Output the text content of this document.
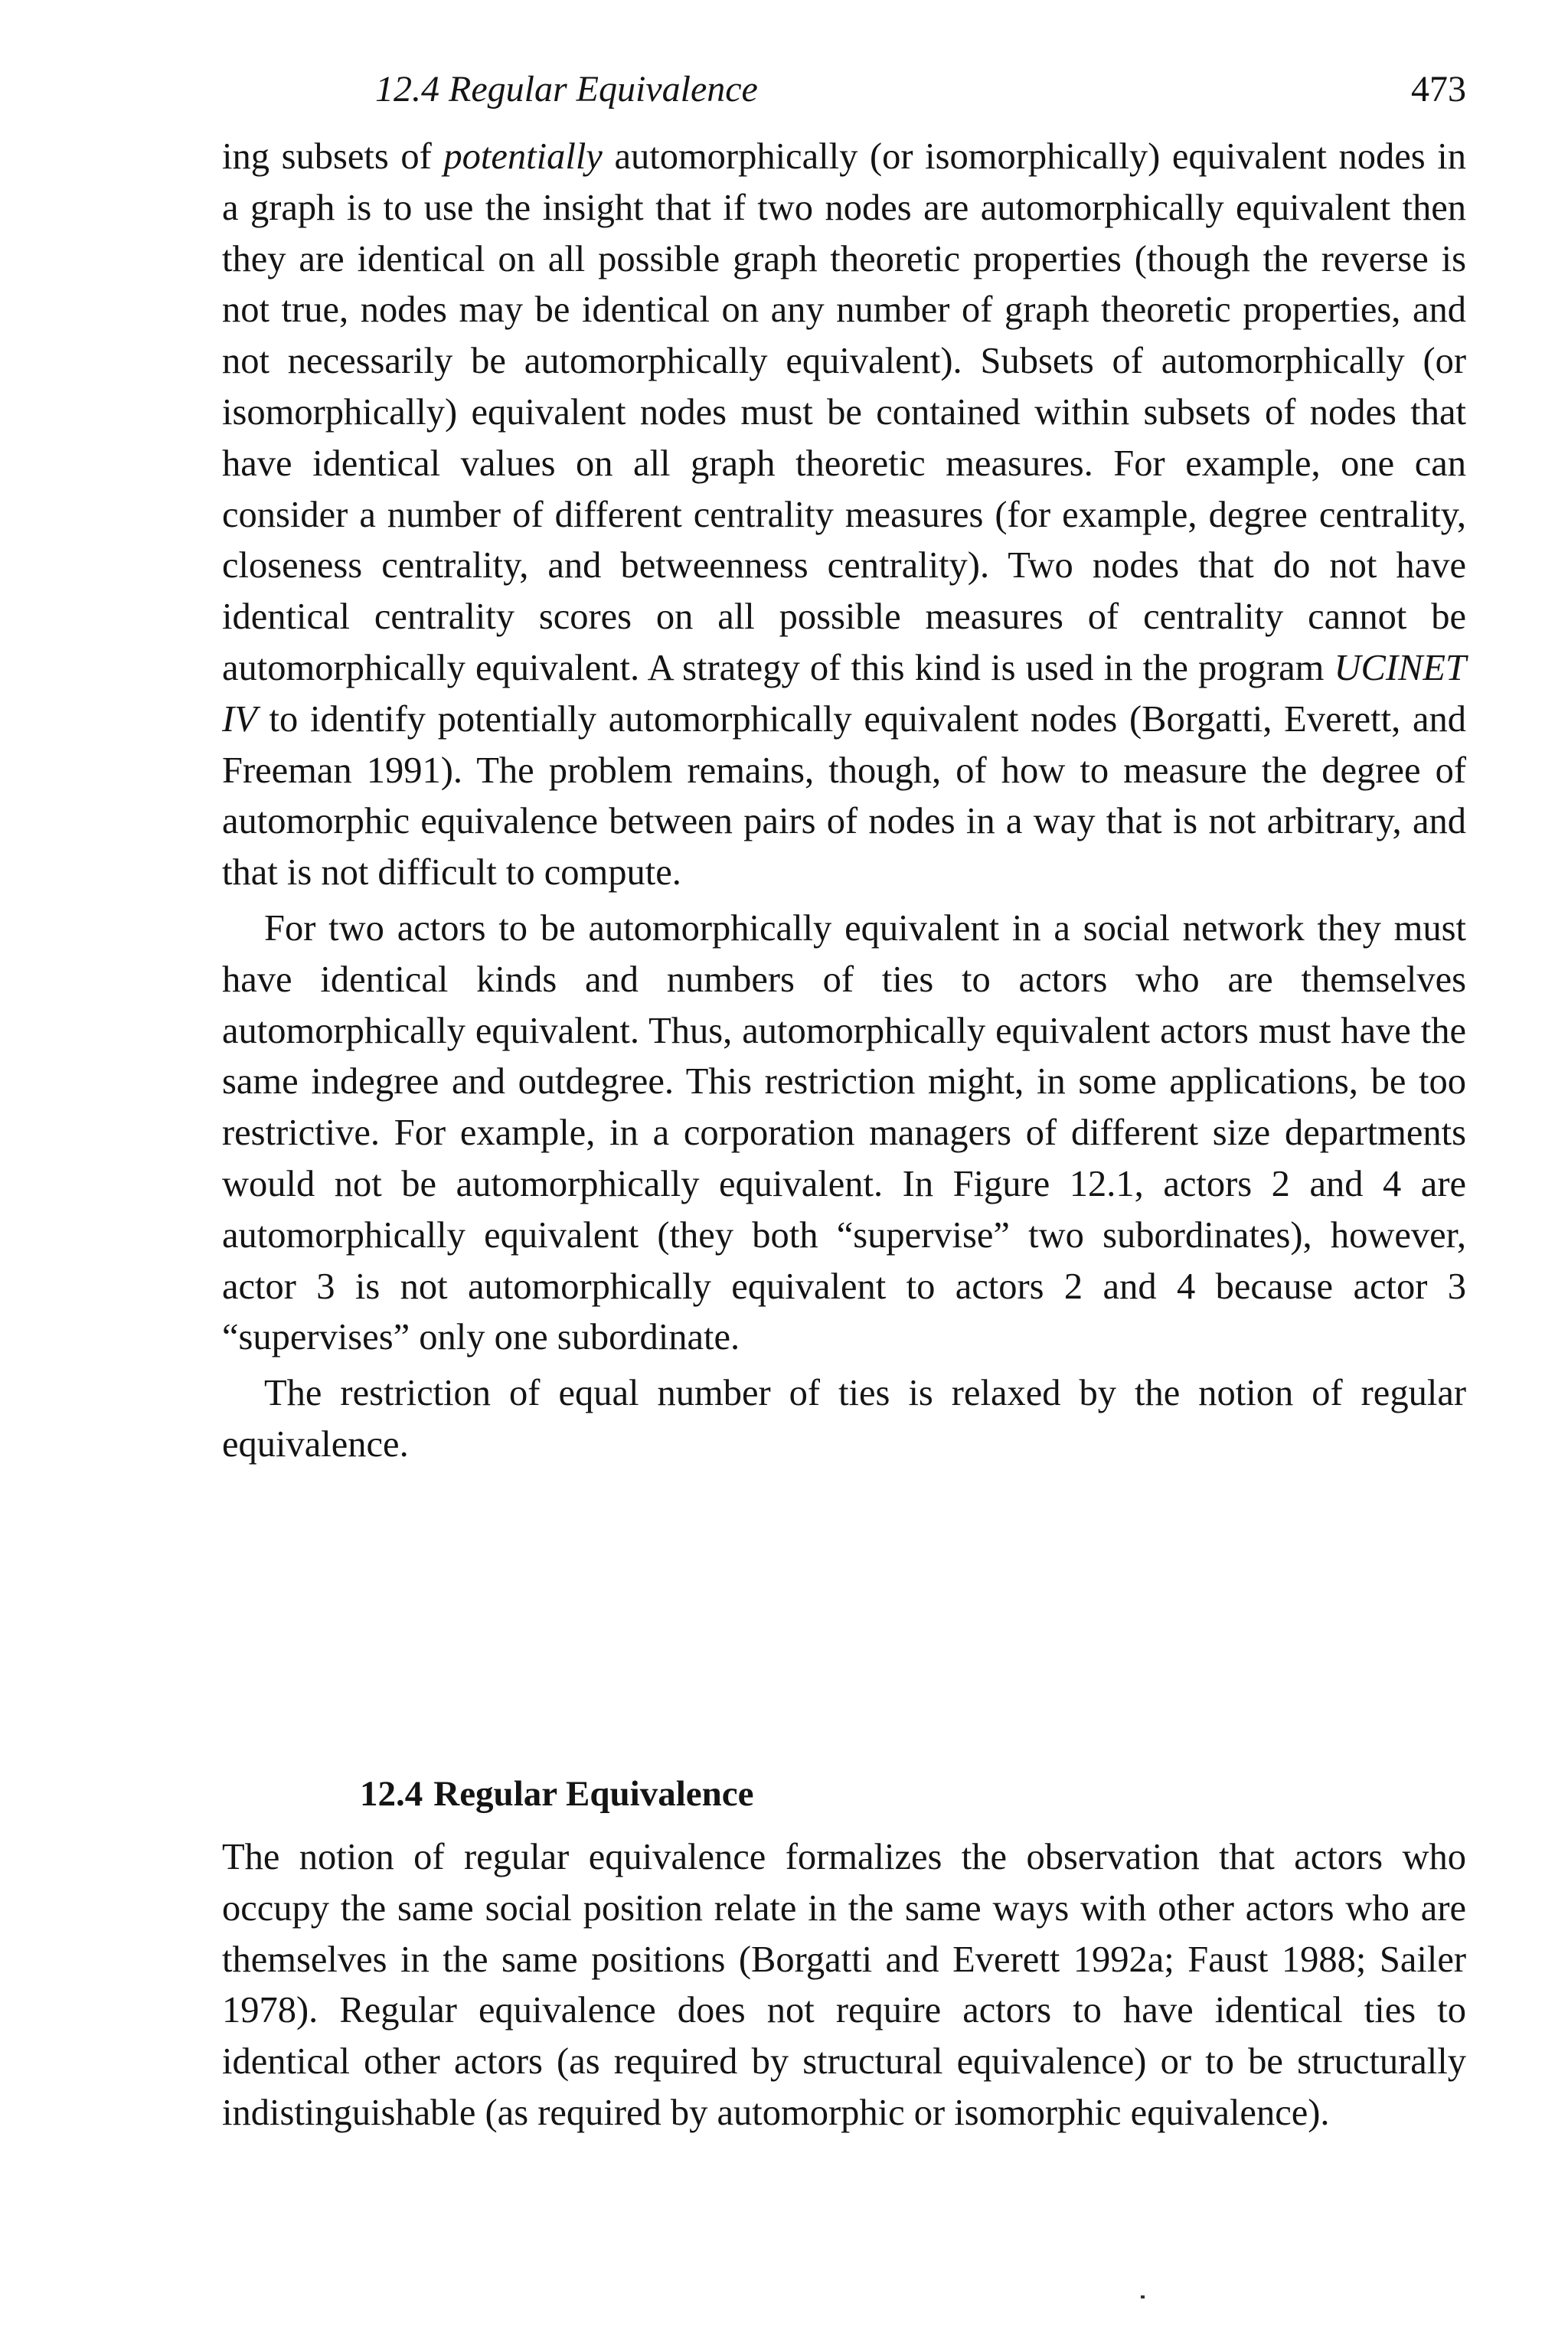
12.4 Regular Equivalence	473

ing subsets of potentially automorphically (or isomorphically) equivalent nodes in a graph is to use the insight that if two nodes are automorphically equivalent then they are identical on all possible graph theoretic properties (though the reverse is not true, nodes may be identical on any number of graph theoretic properties, and not necessarily be automorphically equivalent). Subsets of automorphically (or isomorphically) equivalent nodes must be contained within subsets of nodes that have identical values on all graph theoretic measures. For example, one can consider a number of different centrality measures (for example, degree centrality, closeness centrality, and betweenness centrality). Two nodes that do not have identical centrality scores on all possible measures of centrality cannot be automorphically equivalent. A strategy of this kind is used in the program UCINET IV to identify potentially automorphically equivalent nodes (Borgatti, Everett, and Freeman 1991). The problem remains, though, of how to measure the degree of automorphic equivalence between pairs of nodes in a way that is not arbitrary, and that is not difficult to compute.

For two actors to be automorphically equivalent in a social network they must have identical kinds and numbers of ties to actors who are themselves automorphically equivalent. Thus, automorphically equivalent actors must have the same indegree and outdegree. This restriction might, in some applications, be too restrictive. For example, in a corporation managers of different size departments would not be automorphically equivalent. In Figure 12.1, actors 2 and 4 are automorphically equivalent (they both “supervise” two subordinates), however, actor 3 is not automorphically equivalent to actors 2 and 4 because actor 3 “supervises” only one subordinate.

The restriction of equal number of ties is relaxed by the notion of regular equivalence.

12.4 Regular Equivalence

The notion of regular equivalence formalizes the observation that actors who occupy the same social position relate in the same ways with other actors who are themselves in the same positions (Borgatti and Everett 1992a; Faust 1988; Sailer 1978). Regular equivalence does not require actors to have identical ties to identical other actors (as required by structural equivalence) or to be structurally indistinguishable (as required by automorphic or isomorphic equivalence).
